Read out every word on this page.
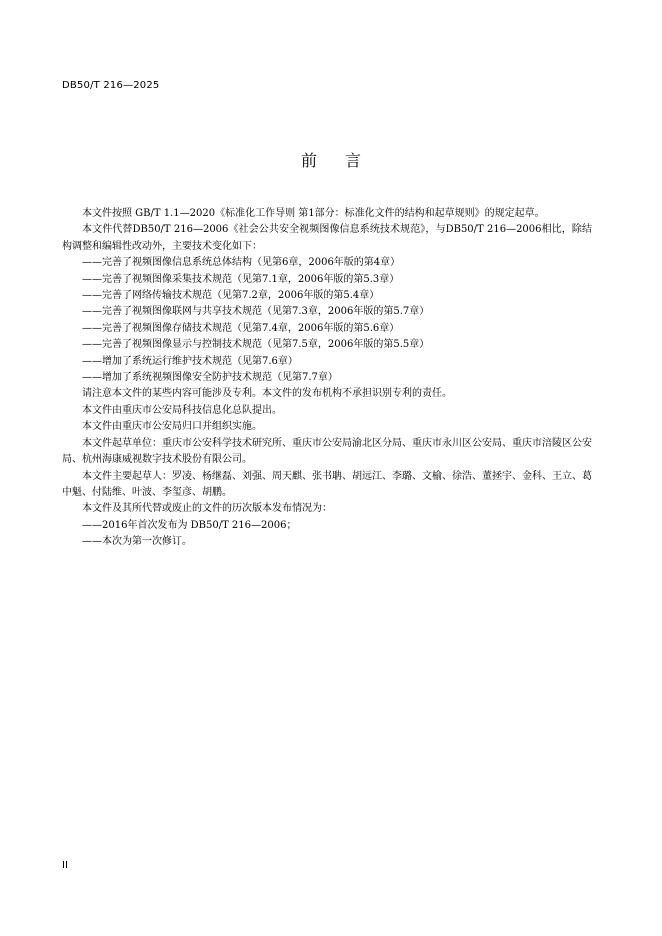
DB50/T 216—2025
前言

本文件按照 GB/T 1.1—2020《标准化工作导则 第1部分：标准化文件的结构和起草规则》的规定起草。

本文件代替DB50/T 216—2006《社会公共安全视频图像信息系统技术规范》，与DB50/T 216—2006相比，除结构调整和编辑性改动外，主要技术变化如下：

——完善了视频图像信息系统总体结构（见第6章，2006年版的第4章）

——完善了视频图像采集技术规范（见第7.1章，2006年版的第5.3章）

——完善了网络传输技术规范（见第7.2章，2006年版的第5.4章）

——完善了视频图像联网与共享技术规范（见第7.3章，2006年版的第5.7章）

——完善了视频图像存储技术规范（见第7.4章，2006年版的第5.6章）

——完善了视频图像显示与控制技术规范（见第7.5章，2006年版的第5.5章）

——增加了系统运行维护技术规范（见第7.6章）

——增加了系统视频图像安全防护技术规范（见第7.7章）

请注意本文件的某些内容可能涉及专利。本文件的发布机构不承担识别专利的责任。

本文件由重庆市公安局科技信息化总队提出。

本文件由重庆市公安局归口并组织实施。

本文件起草单位：重庆市公安科学技术研究所、重庆市公安局渝北区分局、重庆市永川区公安局、重庆市涪陵区公安局、杭州海康威视数字技术股份有限公司。

本文件主要起草人：罗凌、杨继磊、刘强、周天麒、张书聃、胡远江、李璐、文榆、徐浩、董拯宇、金科、王立、葛中魁、付陆维、叶波、李玺彦、胡鹏。

本文件及其所代替或废止的文件的历次版本发布情况为：

——2016年首次发布为 DB50/T 216—2006；

——本次为第一次修订。

II
